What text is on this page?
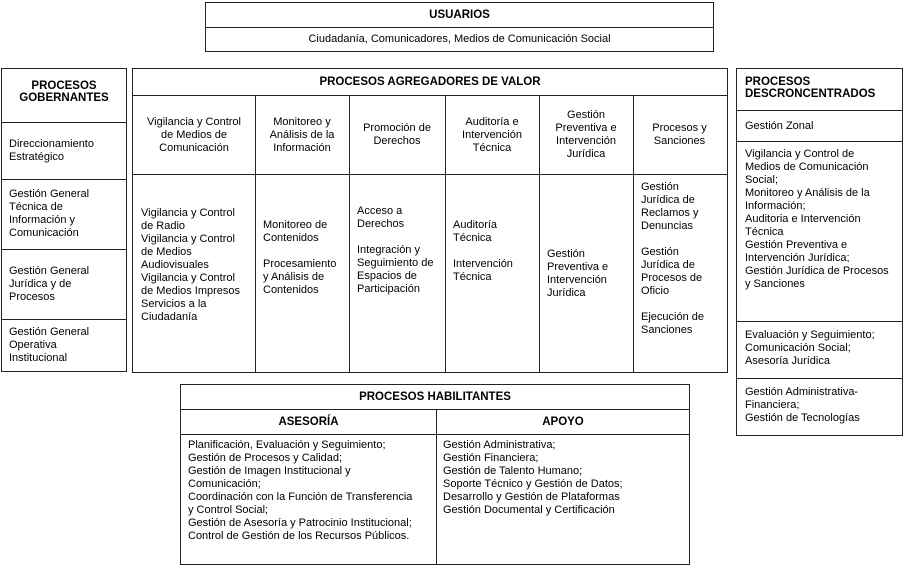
USUARIOS
Ciudadanía, Comunicadores, Medios de Comunicación Social
PROCESOS
GOBERNANTES
Direccionamiento
Estratégico
Gestión General
Técnica de
Información y
Comunicación
Gestión General
Jurídica y de
Procesos
Gestión General
Operativa
Institucional
PROCESOS AGREGADORES DE VALOR
Vigilancia y Control
de Medios de
Comunicación
Vigilancia y Control
de Radio
Vigilancia y Control
de Medios
Audiovisuales
Vigilancia y Control
de Medios Impresos
Servicios a la
Ciudadanía
Monitoreo y
Análisis de la
Información
Monitoreo de
Contenidos

Procesamiento
y Análisis de
Contenidos
Promoción de
Derechos
Acceso a
Derechos

Integración y
Seguimiento de
Espacios de
Participación
Auditoría e
Intervención
Técnica
Auditoría
Técnica

Intervención
Técnica
Gestión
Preventiva e
Intervención
Jurídica
Gestión
Preventiva e
Intervención
Jurídica
Procesos y
Sanciones
Gestión
Jurídica de
Reclamos y
Denuncias

Gestión
Jurídica de
Procesos de
Oficio

Ejecución de
Sanciones
PROCESOS
DESCRONCENTRADOS
Gestión Zonal
Vigilancia y Control de
Medios de Comunicación
Social;
Monitoreo y Análisis de la
Información;
Auditoria e Intervención
Técnica
Gestión Preventiva e
Intervención Jurídica;
Gestión Jurídica de Procesos
y Sanciones
Evaluación y Seguimiento;
Comunicación Social;
Asesoría Jurídica
Gestión Administrativa-
Financiera;
Gestión de Tecnologías
PROCESOS HABILITANTES
ASESORÍA	APOYO
Planificación, Evaluación y Seguimiento;
Gestión de Procesos y Calidad;
Gestión de Imagen Institucional y
Comunicación;
Coordinación con la Función de Transferencia
y Control Social;
Gestión de Asesoría y Patrocinio Institucional;
Control de Gestión de los Recursos Públicos.
Gestión Administrativa;
Gestión Financiera;
Gestión de Talento Humano;
Soporte Técnico y Gestión de Datos;
Desarrollo y Gestión de Plataformas
Gestión Documental y Certificación
